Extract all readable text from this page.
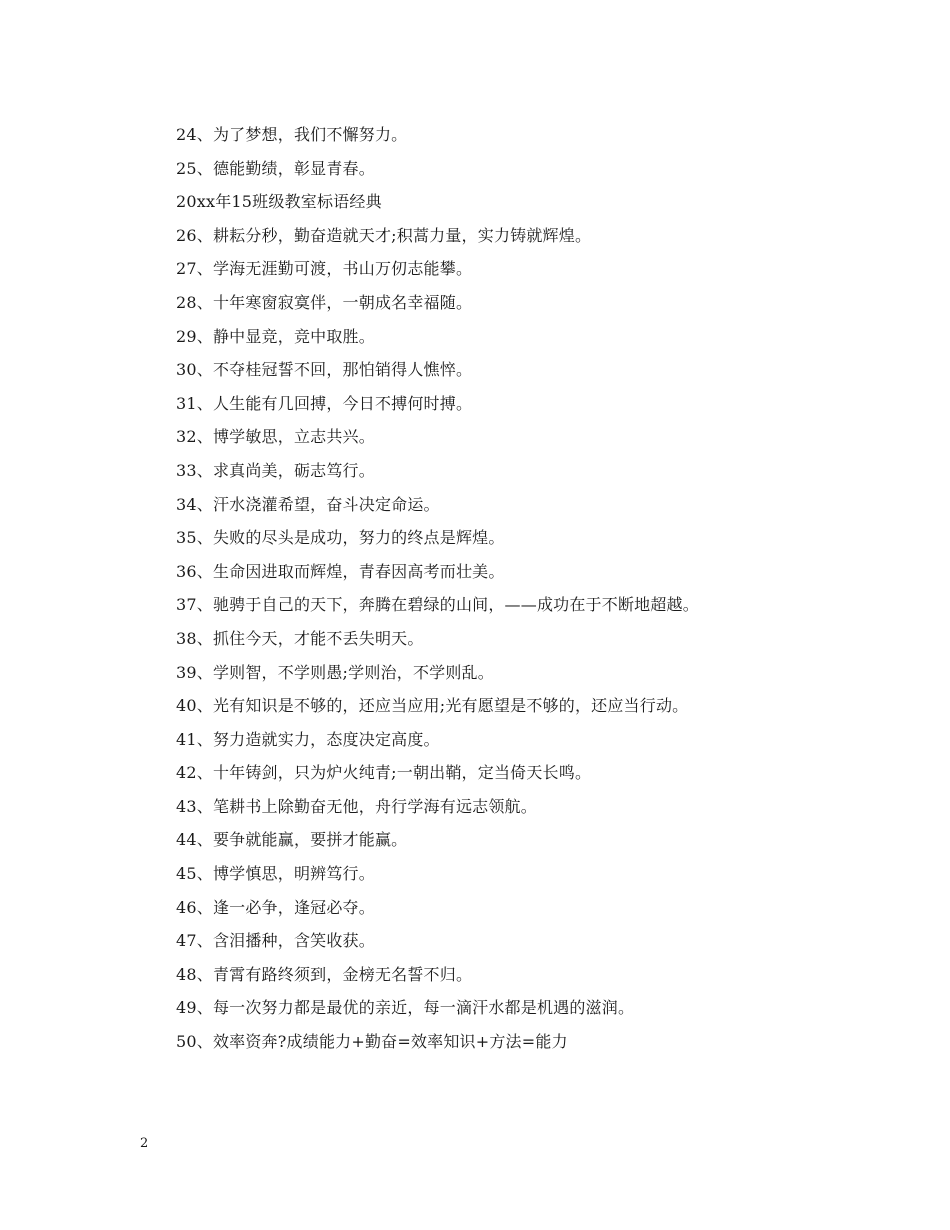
24、为了梦想，我们不懈努力。
25、德能勤绩，彰显青春。
20xx年15班级教室标语经典
26、耕耘分秒，勤奋造就天才;积蒿力量，实力铸就辉煌。
27、学海无涯勤可渡，书山万仞志能攀。
28、十年寒窗寂寞伴，一朝成名幸福随。
29、静中显竞，竞中取胜。
30、不夺桂冠誓不回，那怕销得人憔悴。
31、人生能有几回搏，今日不搏何时搏。
32、博学敏思，立志共兴。
33、求真尚美，砺志笃行。
34、汗水浇灌希望，奋斗决定命运。
35、失败的尽头是成功，努力的终点是辉煌。
36、生命因进取而辉煌，青春因高考而壮美。
37、驰骋于自己的天下，奔腾在碧绿的山间，——成功在于不断地超越。
38、抓住今天，才能不丢失明天。
39、学则智，不学则愚;学则治，不学则乱。
40、光有知识是不够的，还应当应用;光有愿望是不够的，还应当行动。
41、努力造就实力，态度决定高度。
42、十年铸剑，只为炉火纯青;一朝出鞘，定当倚天长鸣。
43、笔耕书上除勤奋无他，舟行学海有远志领航。
44、要争就能赢，要拼才能赢。
45、博学慎思，明辨笃行。
46、逢一必争，逢冠必夺。
47、含泪播种，含笑收获。
48、青霄有路终须到，金榜无名誓不归。
49、每一次努力都是最优的亲近，每一滴汗水都是机遇的滋润。
50、效率资奔?成绩能力+勤奋=效率知识+方法=能力
2
